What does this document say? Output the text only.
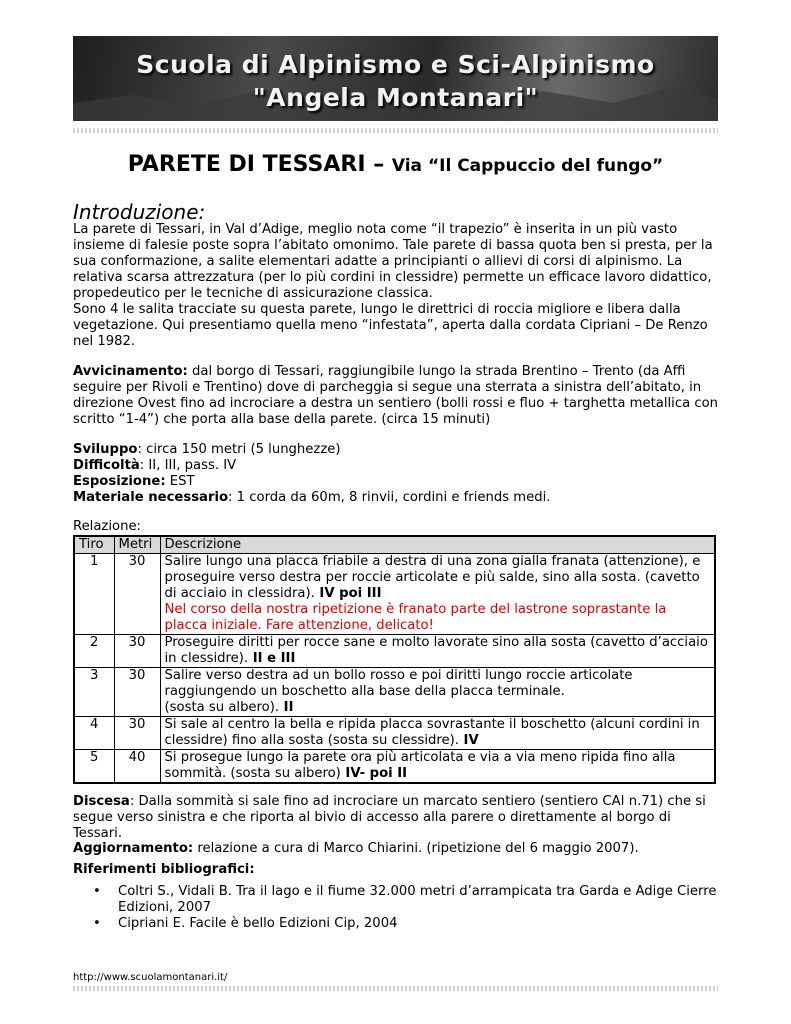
Scuola di Alpinismo e Sci-Alpinismo
"Angela Montanari"
PARETE DI TESSARI – Via “Il Cappuccio del fungo”
Introduzione:

La parete di Tessari, in Val d’Adige, meglio nota come “il trapezio” è inserita in un più vasto insieme di falesie poste sopra l’abitato omonimo. Tale parete di bassa quota ben si presta, per la sua conformazione, a salite elementari adatte a principianti o allievi di corsi di alpinismo. La relativa scarsa attrezzatura (per lo più cordini in clessidre) permette un efficace lavoro didattico, propedeutico per le tecniche di assicurazione classica.

Sono 4 le salita tracciate su questa parete, lungo le direttrici di roccia migliore e libera dalla vegetazione. Qui presentiamo quella meno “infestata”, aperta dalla cordata Cipriani – De Renzo nel 1982.

Avvicinamento: dal borgo di Tessari, raggiungibile lungo la strada Brentino – Trento (da Affi seguire per Rivoli e Trentino) dove di parcheggia si segue una sterrata a sinistra dell’abitato, in direzione Ovest fino ad incrociare a destra un sentiero (bolli rossi e fluo + targhetta metallica con scritto “1-4”) che porta alla base della parete. (circa 15 minuti)

Sviluppo: circa 150 metri (5 lunghezze)
Difficoltà: II, III, pass. IV
Esposizione: EST
Materiale necessario: 1 corda da 60m, 8 rinvii, cordini e friends medi.

Relazione:

Tiro	Metri	Descrizione
1	30	Salire lungo una placca friabile a destra di una zona gialla franata (attenzione), e proseguire verso destra per roccie articolate e più salde, sino alla sosta. (cavetto di acciaio in clessidra). IV poi III
Nel corso della nostra ripetizione è franato parte del lastrone soprastante la placca iniziale. Fare attenzione, delicato!
2	30	Proseguire diritti per rocce sane e molto lavorate sino alla sosta (cavetto d’acciaio in clessidre). II e III
3	30	Salire verso destra ad un bollo rosso e poi diritti lungo roccie articolate raggiungendo un boschetto alla base della placca terminale.
(sosta su albero). II
4	30	Si sale al centro la bella e ripida placca sovrastante il boschetto (alcuni cordini in clessidre) fino alla sosta (sosta su clessidre). IV
5	40	Si prosegue lungo la parete ora più articolata e via a via meno ripida fino alla sommità. (sosta su albero) IV- poi II

Discesa: Dalla sommità si sale fino ad incrociare un marcato sentiero (sentiero CAI n.71) che si segue verso sinistra e che riporta al bivio di accesso alla parere o direttamente al borgo di Tessari.

Aggiornamento: relazione a cura di Marco Chiarini. (ripetizione del 6 maggio 2007).

Riferimenti bibliografici:

• Coltri S., Vidali B. Tra il lago e il fiume 32.000 metri d’arrampicata tra Garda e Adige Cierre Edizioni, 2007
• Cipriani E. Facile è bello Edizioni Cip, 2004
http://www.scuolamontanari.it/
